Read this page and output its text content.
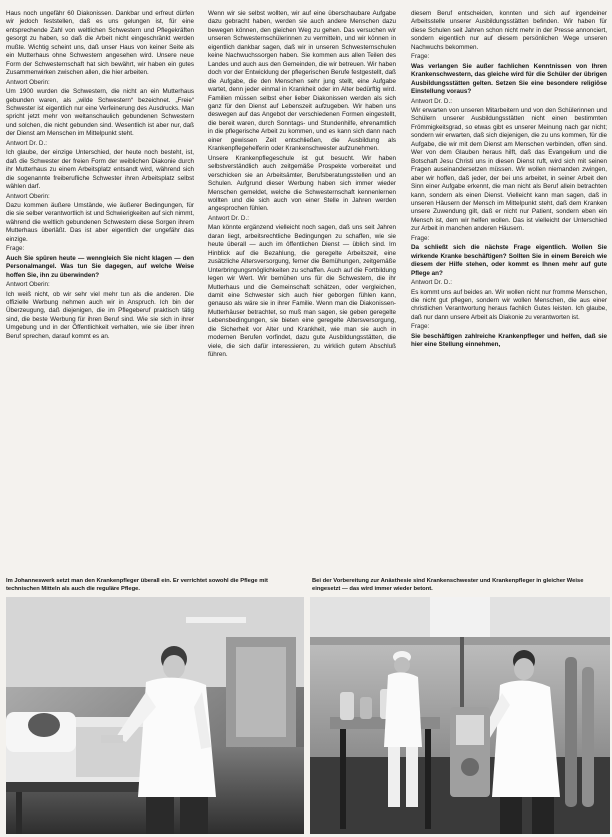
Haus noch ungefähr 60 Diakonissen. Dankbar und erfreut dürfen wir jedoch feststellen, daß es uns gelungen ist, für eine entsprechende Zahl von weltlichen Schwestern und Pflegekräften gesorgt zu haben, so daß die Arbeit nicht eingeschränkt werden mußte. Wichtig scheint uns, daß unser Haus von keiner Seite als ein Mutterhaus ohne Schwestern angesehen wird. Unsere neue Form der Schwesternschaft hat sich bewährt, wir haben ein gutes Zusammenwirken zwischen allen, die hier arbeiten.

Antwort Oberin:

Um 1900 wurden die Schwestern, die nicht an ein Mutterhaus gebunden waren, als „wilde Schwestern“ bezeichnet. „Freie“ Schwester ist eigentlich nur eine Verfeinerung des Ausdrucks. Man spricht jetzt mehr von weltanschaulich gebundenen Schwestern und solchen, die nicht gebunden sind. Wesentlich ist aber nur, daß der Dienst am Menschen im Mittelpunkt steht.

Antwort Dr. D.:

Ich glaube, der einzige Unterschied, der heute noch besteht, ist, daß die Schwester der freien Form der weiblichen Diakonie durch ihr Mutterhaus zu einem Arbeitsplatz entsandt wird, während sich die sogenannte freiberufliche Schwester ihren Arbeitsplatz selbst wählen darf.

Antwort Oberin:

Dazu kommen äußere Umstände, wie äußerer Bedingungen, für die sie selber verantwortlich ist und Schwierigkeiten auf sich nimmt, während die weltlich gebundenen Schwestern diese Sorgen ihrem Mutterhaus überläßt. Das ist aber eigentlich der ungefähr das einzige.

Frage:

Auch Sie spüren heute — wenngleich Sie nicht klagen — den Personalmangel. Was tun Sie dagegen, auf welche Weise hoffen Sie, ihn zu überwinden?

Antwort Oberin:

Ich weiß nicht, ob wir sehr viel mehr tun als die anderen. Die offizielle Werbung nehmen auch wir in Anspruch. Ich bin der Überzeugung, daß diejenigen, die im Pflegeberuf praktisch tätig sind, die beste Werbung für ihren Beruf sind. Wie sie sich in ihrer Umgebung und in der Öffentlichkeit verhalten, wie sie über ihren Beruf sprechen, darauf kommt es an.

Wenn wir sie selbst wollten, wir auf eine überschaubare Aufgabe dazu gebracht haben, werden sie auch andere Menschen dazu bewegen können, den gleichen Weg zu gehen. Das versuchen wir unseren Schwesternschülerinnen zu vermitteln, und wir können in eigentlich dankbar sagen, daß wir in unseren Schwesternschulen keine Nachwuchssorgen haben. Sie kommen aus allen Teilen des Landes und auch aus den Gemeinden, die wir betreuen. Wir haben doch vor der Entwicklung der pflegerischen Berufe festgestellt, daß die Aufgabe, die den Menschen sehr jung stellt, eine Aufgabe wartet, denn jeder einmal in Krankheit oder im Alter bedürftig wird. Familien müssen selbst eher lieber Diakonissen werden als sich ganz für den Dienst auf Lebenszeit aufzugeben. Wir haben uns deswegen auf das Angebot der verschiedenen Formen eingestellt, die bereit waren, durch Sonntags- und Stundenhilfe, ehrenamtlich in die pflegerische Arbeit zu kommen, und es kann sich dann nach einer gewissen Zeit entschließen, die Ausbildung als Krankenpflegehelferin oder Krankenschwester aufzunehmen.

Unsere Krankenpflegeschule ist gut besucht. Wir haben selbstverständlich auch zeitgemäße Prospekte vorbereitet und verschicken sie an Arbeitsämter, Berufsberatungsstellen und an Schulen. Aufgrund dieser Werbung haben sich immer wieder Menschen gemeldet, welche die Schwesternschaft kennenlernen wollten und die sich auch von einer Stelle in Jahren werden angesprochen fühlen.

Antwort Dr. D.:

Man könnte ergänzend vielleicht noch sagen, daß uns seit Jahren daran liegt, arbeitsrechtliche Bedingungen zu schaffen, wie sie heute überall — auch im öffentlichen Dienst — üblich sind. Im Hinblick auf die Bezahlung, die geregelte Arbeitszeit, eine zusätzliche Altersversorgung, ferner die Bemühungen, zeitgemäße Unterbringungsmöglichkeiten zu schaffen. Auch auf die Fortbildung legen wir Wert. Wir bemühen uns für die Schwestern, die ihr Mutterhaus und die Gemeinschaft schätzen, oder vergleichen, damit eine Schwester sich auch hier geborgen fühlen kann, genauso als wäre sie in ihrer Familie. Wenn man die Diakonissen-Mutterhäuser betrachtet, so muß man sagen, sie geben geregelte Lebensbedingungen, sie bieten eine geregelte Altersversorgung, die Sicherheit vor Alter und Krankheit, wie man sie auch in modernen Berufen vorfindet, dazu gute Ausbildungsstätten, die viele, die sich dafür interessieren, zu wirklich gutem Abschluß führen.

diesem Beruf entscheiden, konnten und sich auf irgendeiner Arbeitsstelle unserer Ausbildungsstätten befinden. Wir haben für diese Schulen seit Jahren schon nicht mehr in der Presse annonciert, sondern eigentlich nur auf diesem persönlichen Wege unseren Nachwuchs bekommen.

Frage:

Was verlangen Sie außer fachlichen Kenntnissen von Ihren Krankenschwestern, das gleiche wird für die Schüler der übrigen Ausbildungsstätten gelten. Setzen Sie eine besondere religiöse Einstellung voraus?

Antwort Dr. D.:

Wir erwarten von unseren Mitarbeitern und von den Schülerinnen und Schülern unserer Ausbildungsstätten nicht einen bestimmten Frömmigkeitsgrad, so etwas gibt es unserer Meinung nach gar nicht; sondern wir erwarten, daß sich diejenigen, die zu uns kommen, für die Aufgabe, die wir mit dem Dienst am Menschen verbinden, offen sind. Wer von dem Glauben heraus hilft, daß das Evangelium und die Botschaft Jesu Christi uns in diesen Dienst ruft, wird sich mit seinen Fragen auseinandersetzen müssen. Wir wollen niemanden zwingen, aber wir hoffen, daß jeder, der bei uns arbeitet, in seiner Arbeit den Sinn einer Aufgabe erkennt, die man nicht als Beruf allein betrachten kann, sondern als einen Dienst. Vielleicht kann man sagen, daß in unseren Häusern der Mensch im Mittelpunkt steht, daß dem Kranken unsere Zuwendung gilt, daß er nicht nur Patient, sondern eben ein Mensch ist, dem wir helfen wollen. Das ist vielleicht der Unterschied zur Arbeit in manchen anderen Häusern.

Frage:

Da schließt sich die nächste Frage eigentlich. Wollen Sie wirkende Kranke beschäftigen? Sollten Sie in einem Bereich wie diesem der Hilfe stehen, oder kommt es Ihnen mehr auf gute Pflege an?

Antwort Dr. D.:

Es kommt uns auf beides an. Wir wollen nicht nur fromme Menschen, die nicht gut pflegen, sondern wir wollen Menschen, die aus einer christlichen Verantwortung heraus fachlich Gutes leisten. Ich glaube, daß nur dann unsere Arbeit als Diakonie zu verantworten ist.

Frage:

Sie beschäftigen zahlreiche Krankenpfleger und helfen, daß sie hier eine Stellung einnehmen,

Im Johanneswerk setzt man den Krankenpfleger überall ein. Er verrichtet sowohl die Pflege mit technischen Mitteln als auch die reguläre Pflege.
Bei der Vorbereitung zur Anästhesie sind Krankenschwester und Krankenpfleger in gleicher Weise eingesetzt — das wird immer wieder betont.
